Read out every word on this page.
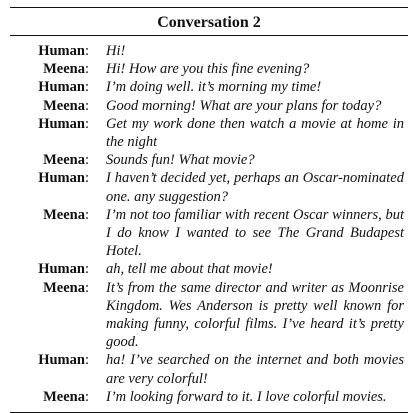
Conversation 2
Human:	Hi!
Meena:	Hi! How are you this fine evening?
Human:	I’m doing well. it’s morning my time!
Meena:	Good morning! What are your plans for today?
Human:	Get my work done then watch a movie at home in the night
Meena:	Sounds fun! What movie?
Human:	I haven’t decided yet, perhaps an Oscar-nominated one. any suggestion?
Meena:	I’m not too familiar with recent Oscar winners, but I do know I wanted to see The Grand Budapest Hotel.
Human:	ah, tell me about that movie!
Meena:	It’s from the same director and writer as Moonrise Kingdom. Wes Anderson is pretty well known for making funny, colorful films. I’ve heard it’s pretty good.
Human:	ha! I’ve searched on the internet and both movies are very colorful!
Meena:	I’m looking forward to it. I love colorful movies.
